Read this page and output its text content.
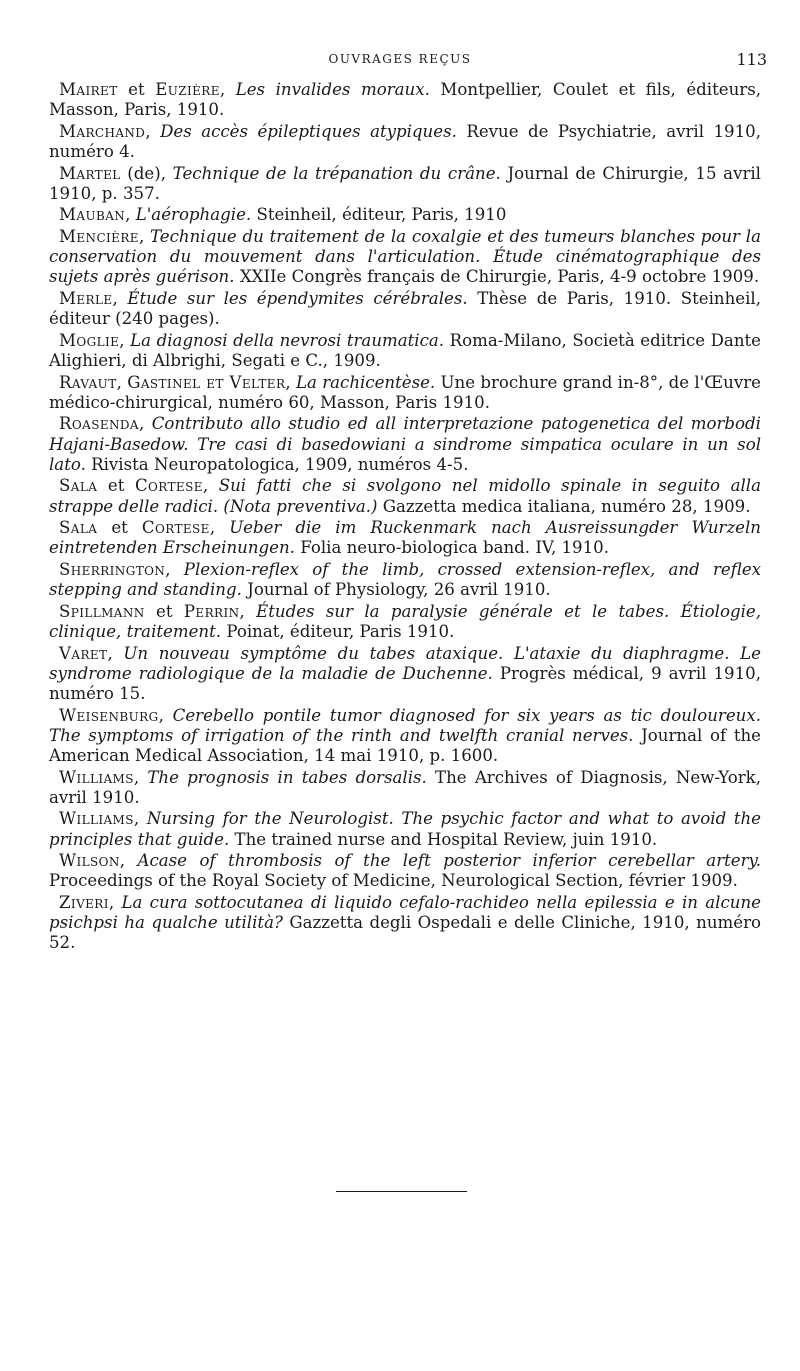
OUVRAGES REÇUS	113

Mairet et Euzière, Les invalides moraux. Montpellier, Coulet et fils, éditeurs, Masson, Paris, 1910.

Marchand, Des accès épileptiques atypiques. Revue de Psychiatrie, avril 1910, numéro 4.

Martel (de), Technique de la trépanation du crâne. Journal de Chirurgie, 15 avril 1910, p. 357.

Mauban, L'aérophagie. Steinheil, éditeur, Paris, 1910

Mencière, Technique du traitement de la coxalgie et des tumeurs blanches pour la conservation du mouvement dans l'articulation. Étude cinématographique des sujets après guérison. XXIIe Congrès français de Chirurgie, Paris, 4-9 octobre 1909.

Merle, Étude sur les épendymites cérébrales. Thèse de Paris, 1910. Steinheil, éditeur (240 pages).

Moglie, La diagnosi della nevrosi traumatica. Roma-Milano, Società editrice Dante Alighieri, di Albrighi, Segati e C., 1909.

Ravaut, Gastinel et Velter, La rachicentèse. Une brochure grand in-8°, de l'Œuvre médico-chirurgical, numéro 60, Masson, Paris 1910.

Roasenda, Contributo allo studio ed all interpretazione patogenetica del morbodi Hajani-Basedow. Tre casi di basedowiani a sindrome simpatica oculare in un sol lato. Rivista Neuropatologica, 1909, numéros 4-5.

Sala et Cortese, Sui fatti che si svolgono nel midollo spinale in seguito alla strappe delle radici. (Nota preventiva.) Gazzetta medica italiana, numéro 28, 1909.

Sala et Cortese, Ueber die im Ruckenmark nach Ausreissungder Wurzeln eintretenden Erscheinungen. Folia neuro-biologica band. IV, 1910.

Sherrington, Plexion-reflex of the limb, crossed extension-reflex, and reflex stepping and standing. Journal of Physiology, 26 avril 1910.

Spillmann et Perrin, Études sur la paralysie générale et le tabes. Étiologie, clinique, traitement. Poinat, éditeur, Paris 1910.

Varet, Un nouveau symptôme du tabes ataxique. L'ataxie du diaphragme. Le syndrome radiologique de la maladie de Duchenne. Progrès médical, 9 avril 1910, numéro 15.

Weisenburg, Cerebello pontile tumor diagnosed for six years as tic douloureux. The symptoms of irrigation of the rinth and twelfth cranial nerves. Journal of the American Medical Association, 14 mai 1910, p. 1600.

Williams, The prognosis in tabes dorsalis. The Archives of Diagnosis, New-York, avril 1910.

Williams, Nursing for the Neurologist. The psychic factor and what to avoid the principles that guide. The trained nurse and Hospital Review, juin 1910.

Wilson, Acase of thrombosis of the left posterior inferior cerebellar artery. Proceedings of the Royal Society of Medicine, Neurological Section, février 1909.

Ziveri, La cura sottocutanea di liquido cefalo-rachideo nella epilessia e in alcune psichpsi ha qualche utilità? Gazzetta degli Ospedali e delle Cliniche, 1910, numéro 52.
